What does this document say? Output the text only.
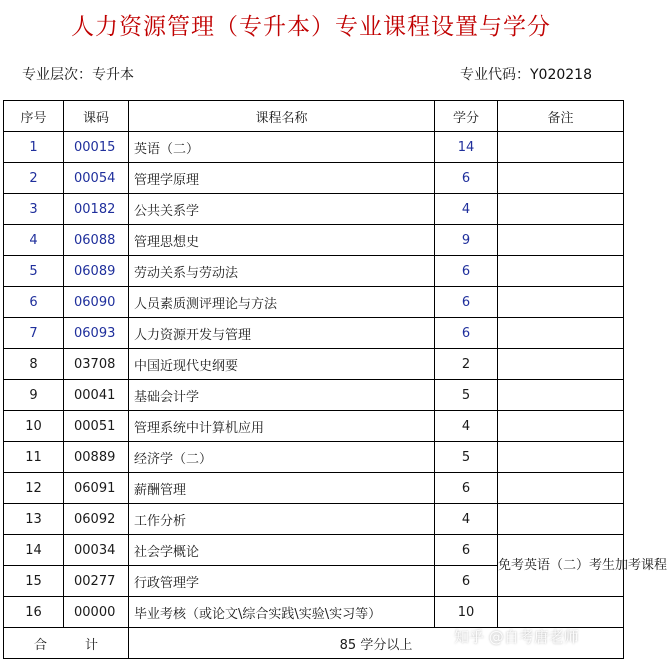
人力资源管理（专升本）专业课程设置与学分
专业层次：专升本	专业代码：Y020218
序号	课码	课程名称	学分	备注
1	00015	英语（二）	14	
2	00054	管理学原理	6	
3	00182	公共关系学	4	
4	06088	管理思想史	9	
5	06089	劳动关系与劳动法	6	
6	06090	人员素质测评理论与方法	6	
7	06093	人力资源开发与管理	6	
8	03708	中国近现代史纲要	2	
9	00041	基础会计学	5	
10	00051	管理系统中计算机应用	4	
11	00889	经济学（二）	5	
12	06091	薪酬管理	6	
13	06092	工作分析	4	
14	00034	社会学概论	6	免考英语（二）考生加考课程
15	00277	行政管理学	6	
16	00000	毕业考核（或论文\综合实践\实验\实习等）	10	
合 计		85 学分以上			知乎 @自考唐老师
